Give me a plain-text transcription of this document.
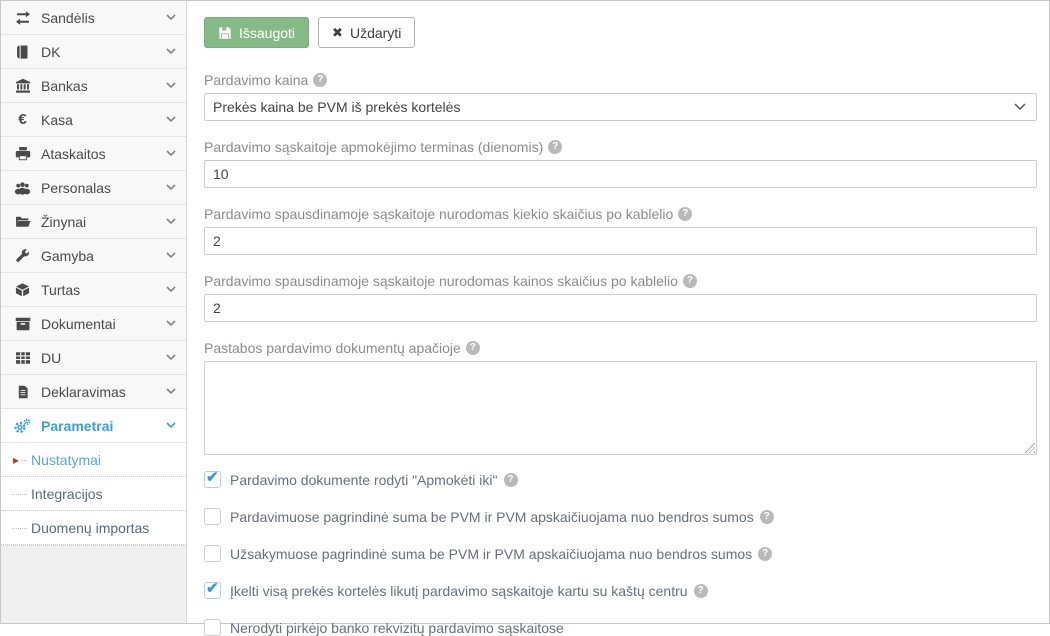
Sandėlis
DK
Bankas
€ Kasa
Ataskaitos
Personalas
Žinynai
Gamyba
Turtas
Dokumentai
DU
Deklaravimas
Parametrai
▸ Nustatymai
Integracijos
Duomenų importas
Išsaugoti	✖ Uždaryti
Pardavimo kaina ?
Prekės kaina be PVM iš prekės kortelės
Pardavimo sąskaitoje apmokėjimo terminas (dienomis) ?
10
Pardavimo spausdinamoje sąskaitoje nurodomas kiekio skaičius po kablelio ?
2
Pardavimo spausdinamoje sąskaitoje nurodomas kainos skaičius po kablelio ?
2
Pastabos pardavimo dokumentų apačioje ?
✔ Pardavimo dokumente rodyti "Apmokėti iki" ?
Pardavimuose pagrindinė suma be PVM ir PVM apskaičiuojama nuo bendros sumos ?
Užsakymuose pagrindinė suma be PVM ir PVM apskaičiuojama nuo bendros sumos ?
✔ Įkelti visą prekės kortelės likutį pardavimo sąskaitoje kartu su kaštų centru ?
Nerodyti pirkėjo banko rekvizitų pardavimo sąskaitose
